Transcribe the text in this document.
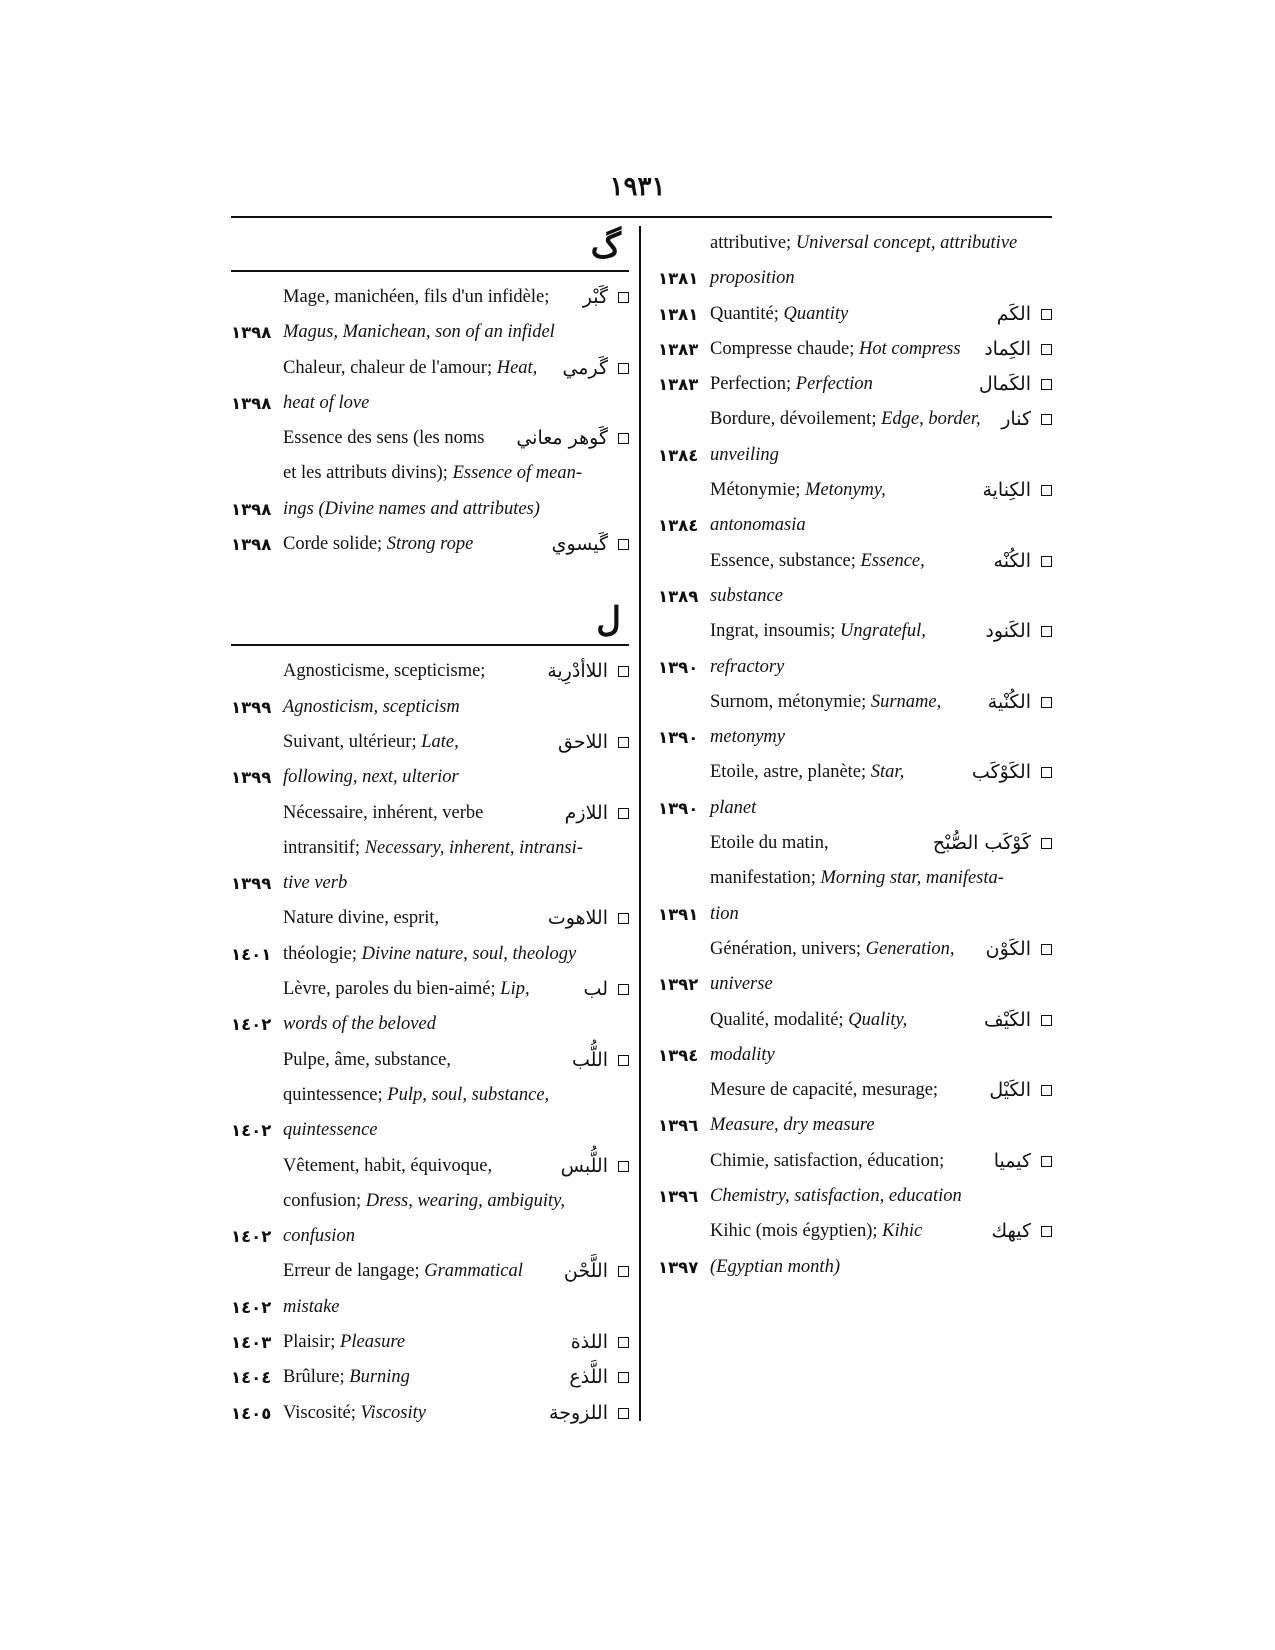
١٩٣١
گ
Mage, manichéen, fils d'un infidèle; گَبْر
١٣٩٨ Magus, Manichean, son of an infidel
Chaleur, chaleur de l'amour; Heat, گَرمي
١٣٩٨ heat of love
Essence des sens (les noms گَوهر معاني
et les attributs divins); Essence of mean-
١٣٩٨ ings (Divine names and attributes)
١٣٩٨ Corde solide; Strong rope	گَيسوي
ل
Agnosticisme, scepticisme;	اللاأدْرِية
١٣٩٩ Agnosticism, scepticism
Suivant, ultérieur; Late,	اللاحق
١٣٩٩ following, next, ulterior
Nécessaire, inhérent, verbe	اللازم
intransitif; Necessary, inherent, intransi-
١٣٩٩ tive verb
Nature divine, esprit,	اللاهوت
١٤٠١ théologie; Divine nature, soul, theology
Lèvre, paroles du bien-aimé; Lip,	لب
١٤٠٢ words of the beloved
Pulpe, âme, substance,	اللُّب
quintessence; Pulp, soul, substance,
١٤٠٢ quintessence
Vêtement, habit, équivoque,	اللُّبس
confusion; Dress, wearing, ambiguity,
١٤٠٢ confusion
Erreur de langage; Grammatical اللَّحْن
١٤٠٢ mistake
١٤٠٣ Plaisir; Pleasure	اللذة
١٤٠٤ Brûlure; Burning	اللَّذع
١٤٠٥ Viscosité; Viscosity	اللزوجة
attributive; Universal concept, attributive
١٣٨١ proposition
١٣٨١ Quantité; Quantity	الكَم
١٣٨٣ Compresse chaude; Hot compress الكِماد
١٣٨٣ Perfection; Perfection	الكَمال
Bordure, dévoilement; Edge, border, كنار
١٣٨٤ unveiling
Métonymie; Metonymy,	الكِناية
١٣٨٤ antonomasia
Essence, substance; Essence,	الكُنْه
١٣٨٩ substance
Ingrat, insoumis; Ungrateful,	الكَنود
١٣٩٠ refractory
Surnom, métonymie; Surname, الكُنْية
١٣٩٠ metonymy
Etoile, astre, planète; Star,	الكَوْكَب
١٣٩٠ planet
Etoile du matin,	كَوْكَب الصُّبْح
manifestation; Morning star, manifesta-
١٣٩١ tion
Génération, univers; Generation, الكَوْن
١٣٩٢ universe
Qualité, modalité; Quality,	الكَيْف
١٣٩٤ modality
Mesure de capacité, mesurage;	الكَيْل
١٣٩٦ Measure, dry measure
Chimie, satisfaction, éducation;	كيميا
١٣٩٦ Chemistry, satisfaction, education
Kihic (mois égyptien); Kihic	كيهك
١٣٩٧ (Egyptian month)
